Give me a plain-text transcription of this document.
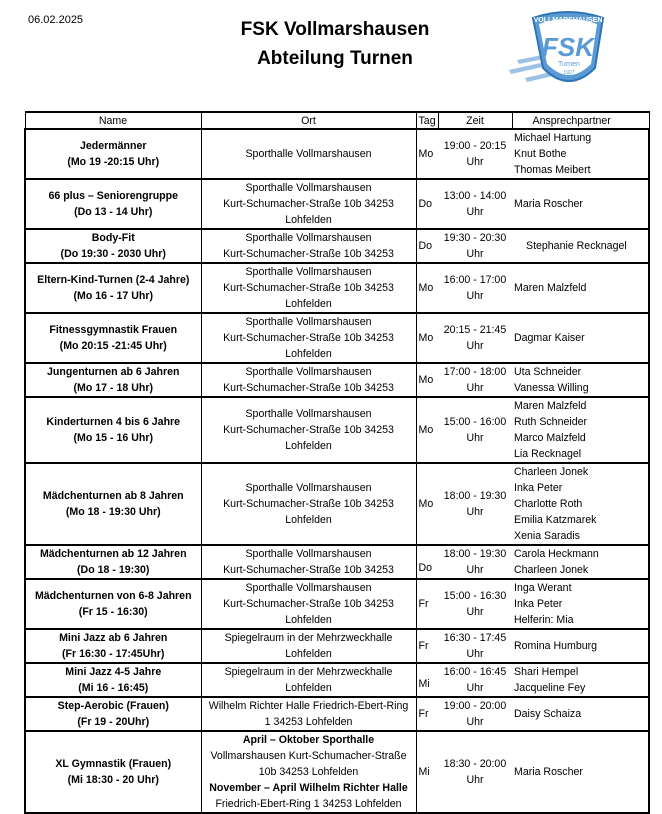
06.02.2025	FSK Vollmarshausen
Abteilung Turnen
VOLLMARSHAUSEN
FSK
Turnen
1927
Name	Ort	Tag	Zeit	Ansprechpartner

Jedermänner
(Mo 19 -20:15 Uhr)	Sporthalle Vollmarshausen	Mo	19:00 - 20:15
Uhr	Michael Hartung
Knut Bothe
Thomas Meibert

66 plus – Seniorengruppe
(Do 13 - 14 Uhr)	Sporthalle Vollmarshausen
Kurt-Schumacher-Straße 10b 34253
Lohfelden	Do	13:00 - 14:00
Uhr	Maria Roscher

Body-Fit
(Do 19:30 - 2030 Uhr)	Sporthalle Vollmarshausen
Kurt-Schumacher-Straße 10b 34253	Do	19:30 - 20:30
Uhr	Stephanie Recknagel

Eltern-Kind-Turnen (2-4 Jahre)
(Mo 16 - 17 Uhr)	Sporthalle Vollmarshausen
Kurt-Schumacher-Straße 10b 34253
Lohfelden	Mo	16:00 - 17:00
Uhr	Maren Malzfeld

Fitnessgymnastik Frauen
(Mo 20:15 -21:45 Uhr)	Sporthalle Vollmarshausen
Kurt-Schumacher-Straße 10b 34253
Lohfelden	Mo	20:15 - 21:45
Uhr	Dagmar Kaiser

Jungenturnen ab 6 Jahren
(Mo 17 - 18 Uhr)	Sporthalle Vollmarshausen
Kurt-Schumacher-Straße 10b 34253	Mo	17:00 - 18:00
Uhr	Uta Schneider
Vanessa Willing

Kinderturnen 4 bis 6 Jahre
(Mo 15 - 16 Uhr)	Sporthalle Vollmarshausen
Kurt-Schumacher-Straße 10b 34253
Lohfelden	Mo	15:00 - 16:00
Uhr	Maren Malzfeld
Ruth Schneider
Marco Malzfeld
Lia Recknagel

Mädchenturnen ab 8 Jahren
(Mo 18 - 19:30 Uhr)	Sporthalle Vollmarshausen
Kurt-Schumacher-Straße 10b 34253
Lohfelden	Mo	18:00 - 19:30
Uhr	Charleen Jonek
Inka Peter
Charlotte Roth
Emilia Katzmarek
Xenia Saradis

Mädchenturnen ab 12 Jahren
(Do 18 - 19:30)	Sporthalle Vollmarshausen
Kurt-Schumacher-Straße 10b 34253	Do	18:00 - 19:30
Uhr	Carola Heckmann
Charleen Jonek

Mädchenturnen von 6-8 Jahren
(Fr 15 - 16:30)	Sporthalle Vollmarshausen
Kurt-Schumacher-Straße 10b 34253
Lohfelden	Fr	15:00 - 16:30
Uhr	Inga Werant
Inka Peter
Helferin: Mia

Mini Jazz ab 6 Jahren
(Fr 16:30 - 17:45Uhr)	Spiegelraum in der Mehrzweckhalle
Lohfelden	Fr	16:30 - 17:45
Uhr	Romina Humburg

Mini Jazz 4-5 Jahre
(Mi 16 - 16:45)	Spiegelraum in der Mehrzweckhalle
Lohfelden	Mi	16:00 - 16:45
Uhr	Shari Hempel
Jacqueline Fey

Step-Aerobic (Frauen)
(Fr 19 - 20Uhr)	Wilhelm Richter Halle Friedrich-Ebert-Ring
1 34253 Lohfelden	Fr	19:00 - 20:00
Uhr	Daisy Schaiza

XL Gymnastik (Frauen)
(Mi 18:30 - 20 Uhr)	April – Oktober Sporthalle
Vollmarshausen Kurt-Schumacher-Straße
10b 34253 Lohfelden
November – April Wilhelm Richter Halle
Friedrich-Ebert-Ring 1 34253 Lohfelden	Mi	18:30 - 20:00
Uhr	Maria Roscher
